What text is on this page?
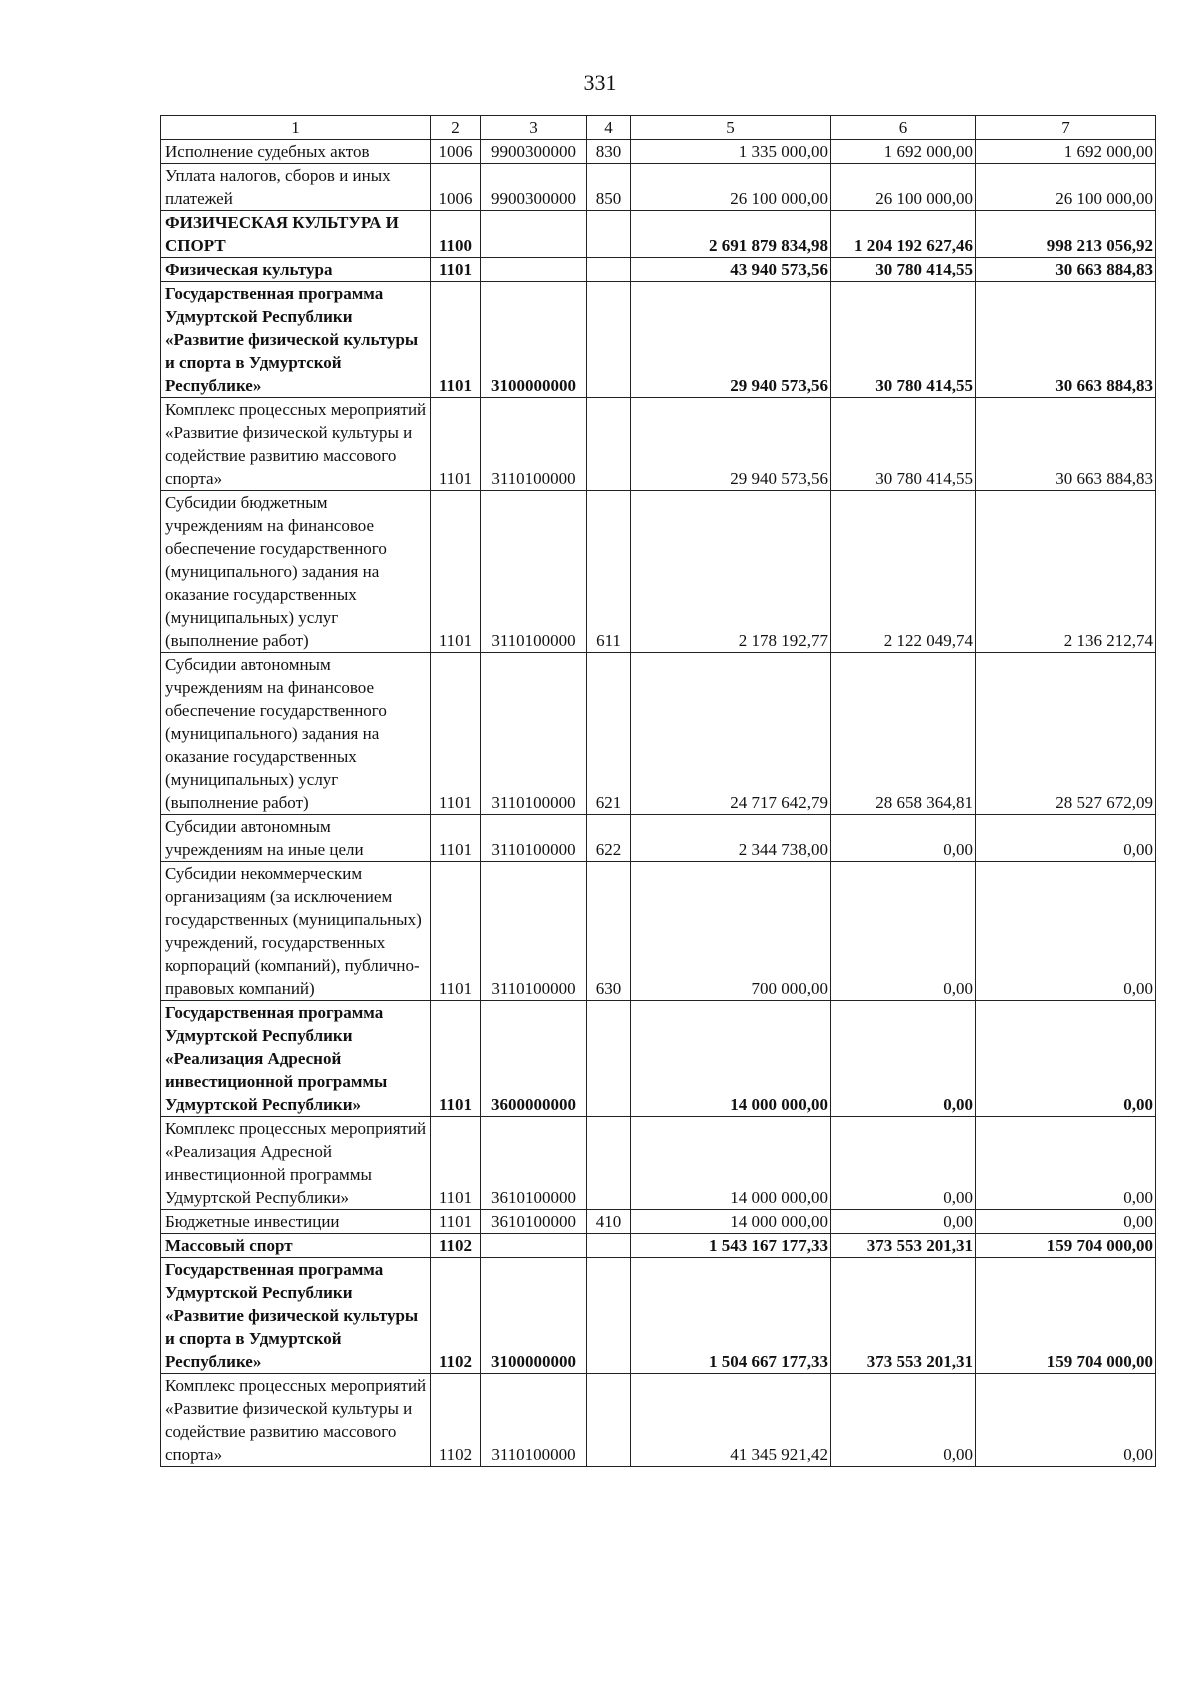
331
1	2	3	4	5	6	7
Исполнение судебных актов	1006	9900300000	830	1 335 000,00	1 692 000,00	1 692 000,00
Уплата налогов, сборов и иных платежей	1006	9900300000	850	26 100 000,00	26 100 000,00	26 100 000,00
ФИЗИЧЕСКАЯ КУЛЬТУРА И СПОРТ	1100			2 691 879 834,98	1 204 192 627,46	998 213 056,92
Физическая культура	1101			43 940 573,56	30 780 414,55	30 663 884,83
Государственная программа Удмуртской Республики «Развитие физической культуры и спорта в Удмуртской Республике»	1101	3100000000		29 940 573,56	30 780 414,55	30 663 884,83
Комплекс процессных мероприятий «Развитие физической культуры и содействие развитию массового спорта»	1101	3110100000		29 940 573,56	30 780 414,55	30 663 884,83
Субсидии бюджетным учреждениям на финансовое обеспечение государственного (муниципального) задания на оказание государственных (муниципальных) услуг (выполнение работ)	1101	3110100000	611	2 178 192,77	2 122 049,74	2 136 212,74
Субсидии автономным учреждениям на финансовое обеспечение государственного (муниципального) задания на оказание государственных (муниципальных) услуг (выполнение работ)	1101	3110100000	621	24 717 642,79	28 658 364,81	28 527 672,09
Субсидии автономным учреждениям на иные цели	1101	3110100000	622	2 344 738,00	0,00	0,00
Субсидии некоммерческим организациям (за исключением государственных (муниципальных) учреждений, государственных корпораций (компаний), публично-правовых компаний)	1101	3110100000	630	700 000,00	0,00	0,00
Государственная программа Удмуртской Республики «Реализация Адресной инвестиционной программы Удмуртской Республики»	1101	3600000000		14 000 000,00	0,00	0,00
Комплекс процессных мероприятий «Реализация Адресной инвестиционной программы Удмуртской Республики»	1101	3610100000		14 000 000,00	0,00	0,00
Бюджетные инвестиции	1101	3610100000	410	14 000 000,00	0,00	0,00
Массовый спорт	1102			1 543 167 177,33	373 553 201,31	159 704 000,00
Государственная программа Удмуртской Республики «Развитие физической культуры и спорта в Удмуртской Республике»	1102	3100000000		1 504 667 177,33	373 553 201,31	159 704 000,00
Комплекс процессных мероприятий «Развитие физической культуры и содействие развитию массового спорта»	1102	3110100000		41 345 921,42	0,00	0,00
